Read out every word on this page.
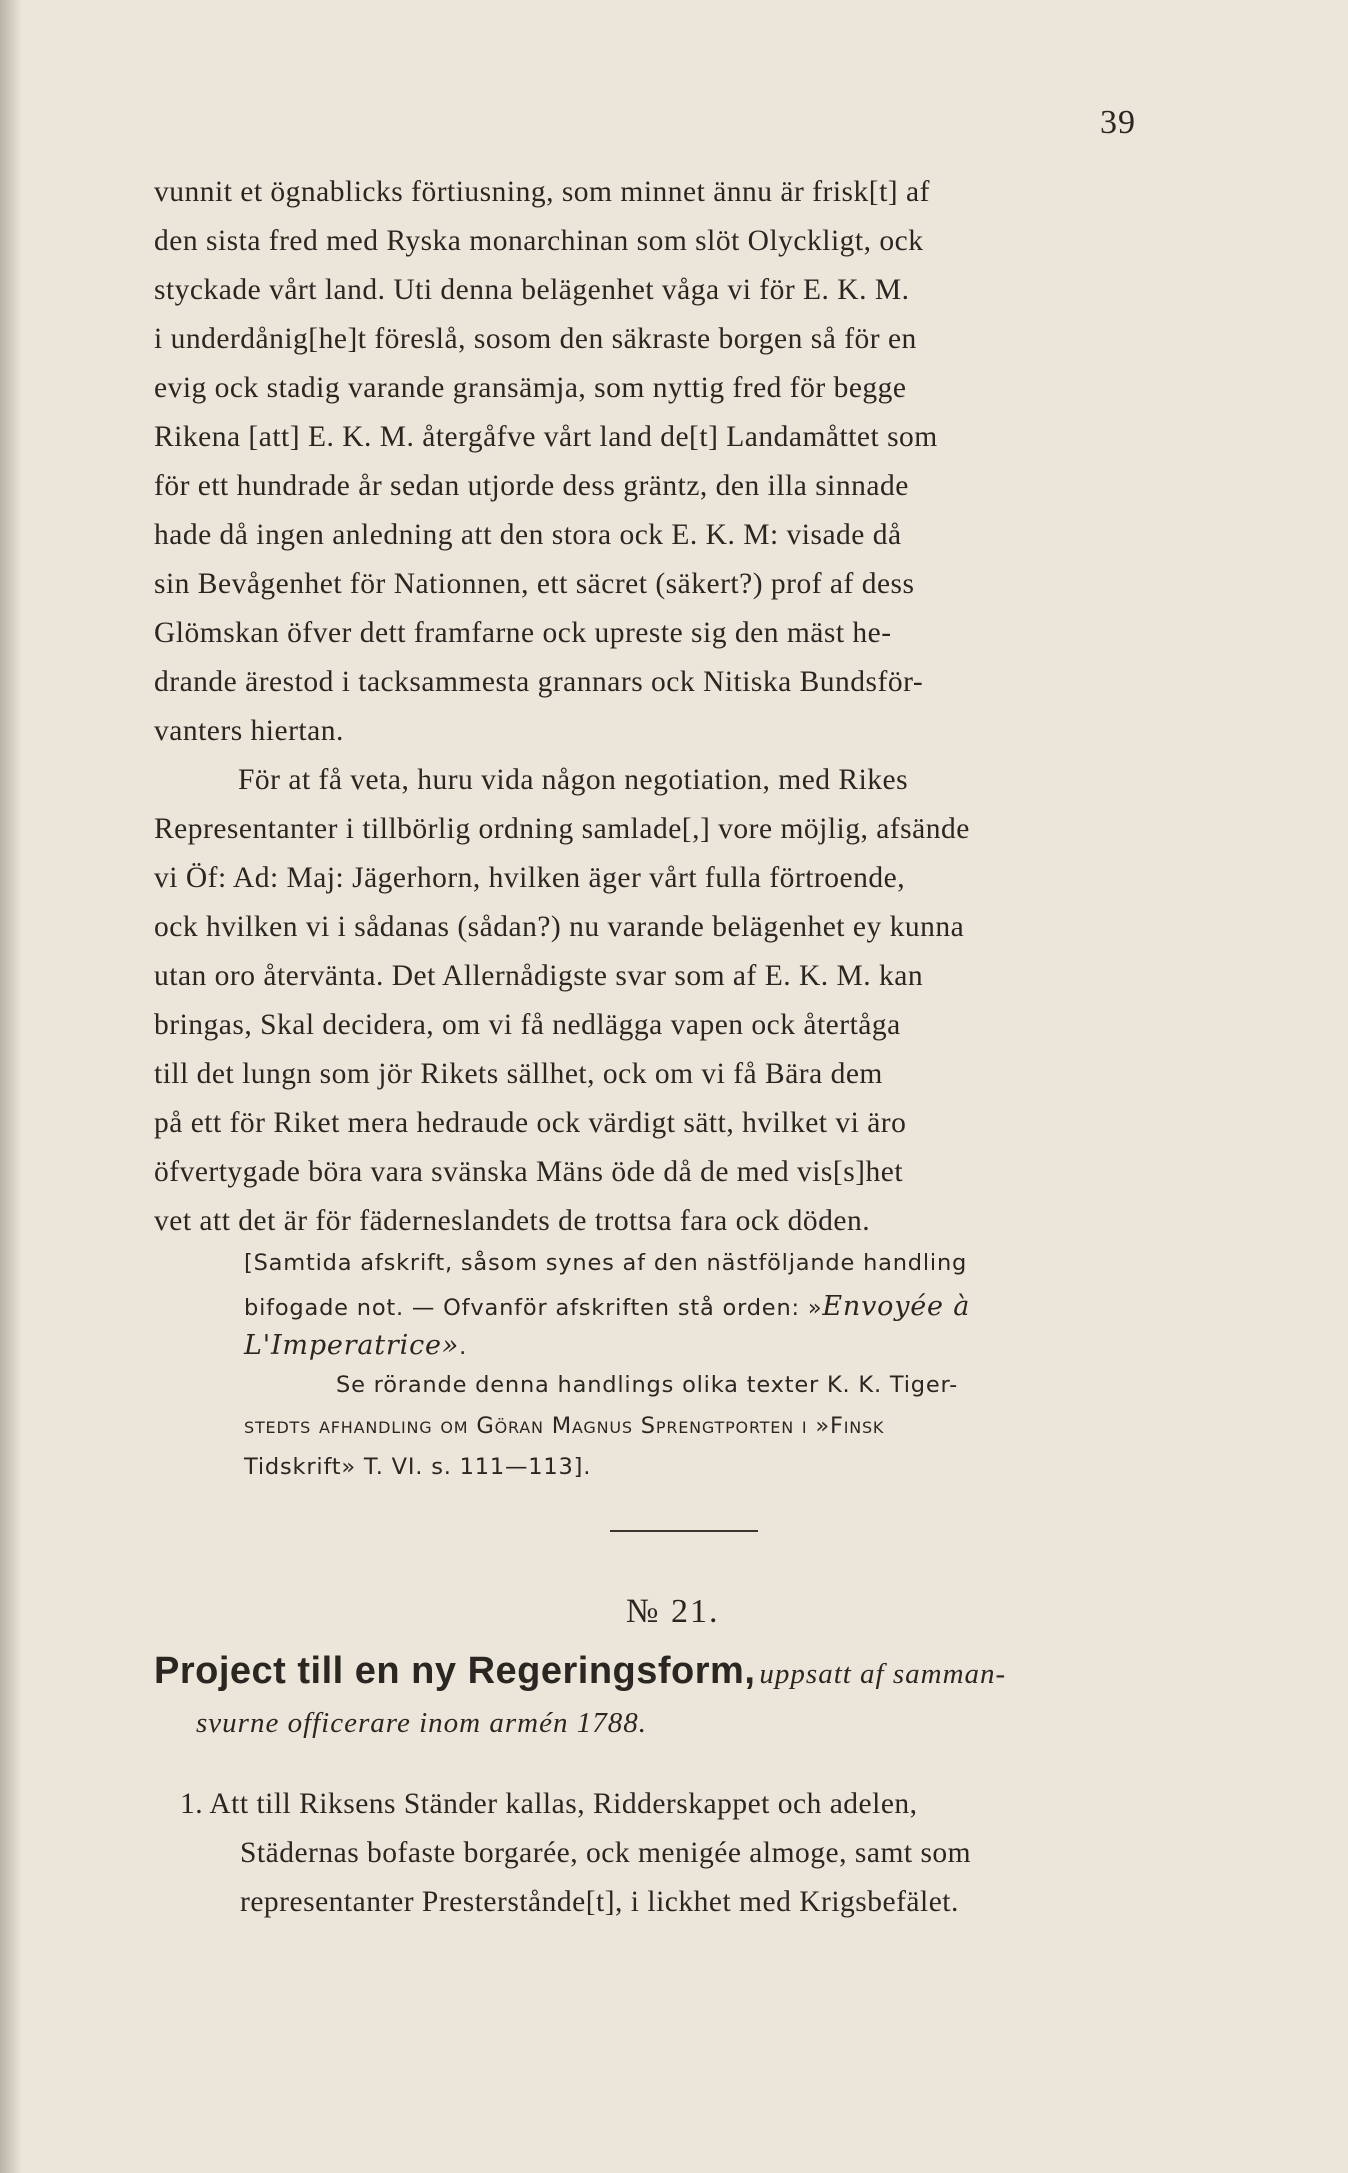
39
vunnit et ögnablicks förtiusning, som minnet ännu är frisk[t] af
den sista fred med Ryska monarchinan som slöt Olyckligt, ock
styckade vårt land. Uti denna belägenhet våga vi för E. K. M.
i underdånig[he]t föreslå, sosom den säkraste borgen så för en
evig ock stadig varande gransämja, som nyttig fred för begge
Rikena [att] E. K. M. återgåfve vårt land de[t] Landamåttet som
för ett hundrade år sedan utjorde dess gräntz, den illa sinnade
hade då ingen anledning att den stora ock E. K. M: visade då
sin Bevågenhet för Nationnen, ett säcret (säkert?) prof af dess
Glömskan öfver dett framfarne ock upreste sig den mäst he-
drande ärestod i tacksammesta grannars ock Nitiska Bundsför-
vanters hiertan.
För at få veta, huru vida någon negotiation, med Rikes
Representanter i tillbörlig ordning samlade[,] vore möjlig, afsände
vi Öf: Ad: Maj: Jägerhorn, hvilken äger vårt fulla förtroende,
ock hvilken vi i sådanas (sådan?) nu varande belägenhet ey kunna
utan oro återvänta. Det Allernådigste svar som af E. K. M. kan
bringas, Skal decidera, om vi få nedlägga vapen ock återtåga
till det lungn som jör Rikets sällhet, ock om vi få Bära dem
på ett för Riket mera hedraude ock värdigt sätt, hvilket vi äro
öfvertygade böra vara svänska Mäns öde då de med vis[s]het
vet att det är för fäderneslandets de trottsa fara ock döden.
[Samtida afskrift, såsom synes af den nästföljande handling
bifogade not. — Ofvanför afskriften stå orden: »Envoyée à
L'Imperatrice».
Se rörande denna handlings olika texter K. K. Tiger-
stedts afhandling om Göran Magnus Sprengtporten i »Finsk
Tidskrift» T. VI. s. 111—113].
№ 21.
Project till en ny Regeringsform, uppsatt af samman-
svurne officerare inom armén 1788.
1. Att till Riksens Ständer kallas, Ridderskappet och adelen,
Städernas bofaste borgarée, ock menigée almoge, samt som
representanter Presterstånde[t], i lickhet med Krigsbefälet.
